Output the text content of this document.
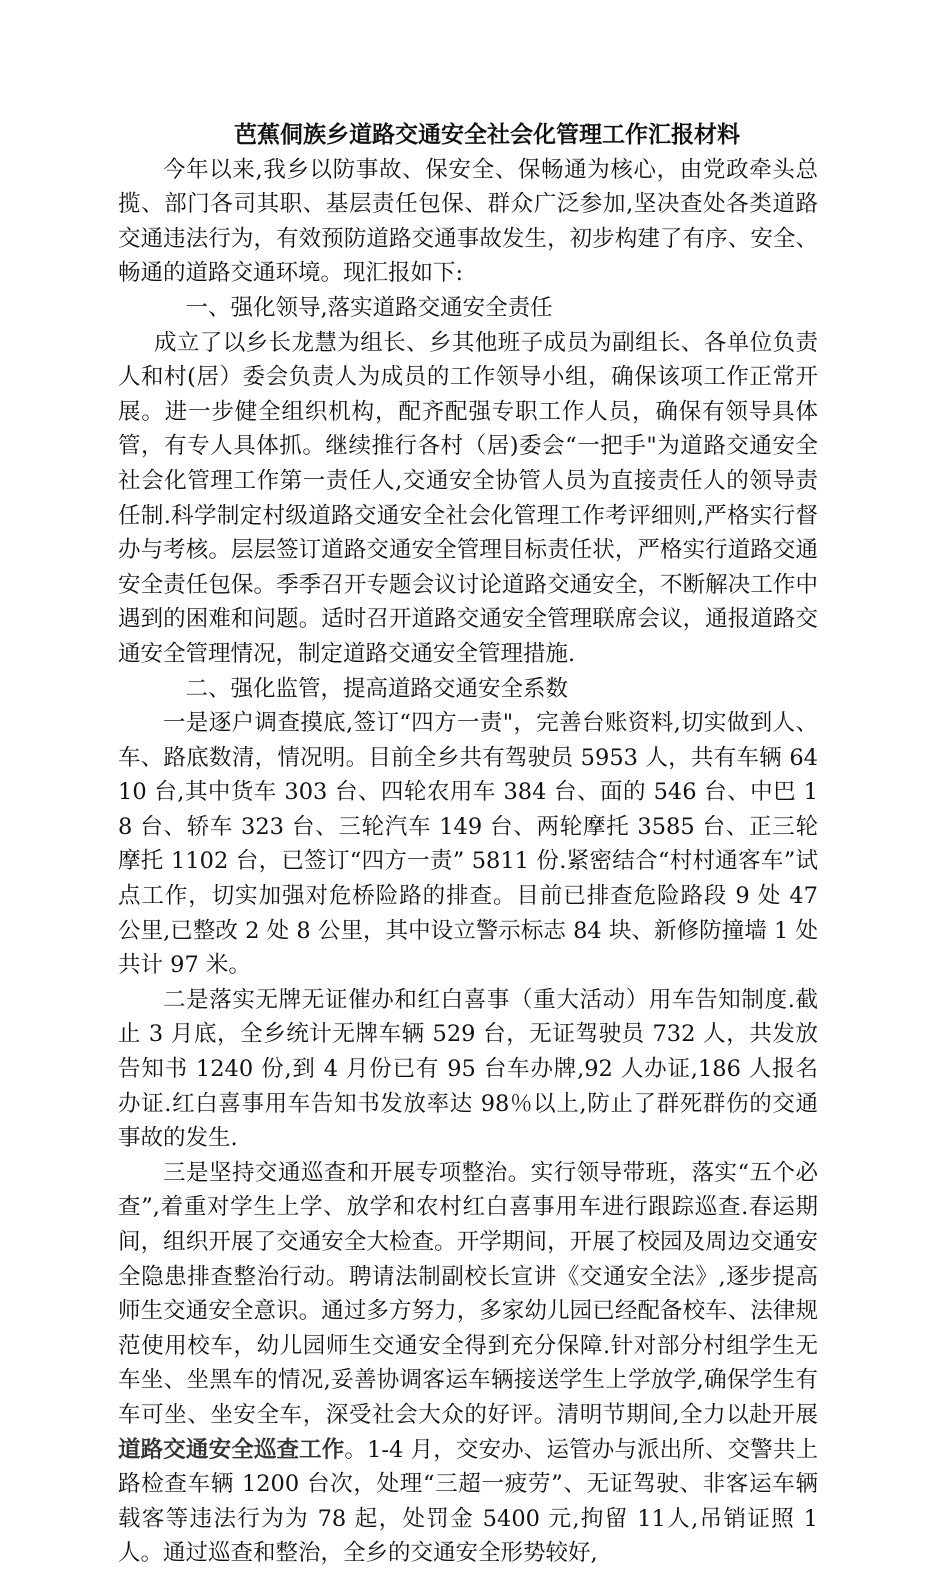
芭蕉侗族乡道路交通安全社会化管理工作汇报材料

今年以来,我乡以防事故、保安全、保畅通为核心，由党政牵头总揽、部门各司其职、基层责任包保、群众广泛参加,坚决查处各类道路交通违法行为，有效预防道路交通事故发生，初步构建了有序、安全、畅通的道路交通环境。现汇报如下:

一、强化领导,落实道路交通安全责任

成立了以乡长龙慧为组长、乡其他班子成员为副组长、各单位负责人和村(居）委会负责人为成员的工作领导小组，确保该项工作正常开展。进一步健全组织机构，配齐配强专职工作人员，确保有领导具体管，有专人具体抓。继续推行各村（居)委会“一把手"为道路交通安全社会化管理工作第一责任人,交通安全协管人员为直接责任人的领导责任制.科学制定村级道路交通安全社会化管理工作考评细则,严格实行督办与考核。层层签订道路交通安全管理目标责任状，严格实行道路交通安全责任包保。季季召开专题会议讨论道路交通安全，不断解决工作中遇到的困难和问题。适时召开道路交通安全管理联席会议，通报道路交通安全管理情况，制定道路交通安全管理措施.

二、强化监管，提高道路交通安全系数

一是逐户调查摸底,签订“四方一责"，完善台账资料,切实做到人、车、路底数清，情况明。目前全乡共有驾驶员 5953 人，共有车辆 6410 台,其中货车 303 台、四轮农用车 384 台、面的 546 台、中巴 18 台、轿车 323 台、三轮汽车 149 台、两轮摩托 3585 台、正三轮摩托 1102 台，已签订“四方一责” 5811 份.紧密结合“村村通客车”试点工作，切实加强对危桥险路的排查。目前已排查危险路段 9 处 47 公里,已整改 2 处 8 公里，其中设立警示标志 84 块、新修防撞墙 1 处共计 97 米。

二是落实无牌无证催办和红白喜事（重大活动）用车告知制度.截止 3 月底，全乡统计无牌车辆 529 台，无证驾驶员 732 人，共发放告知书 1240 份,到 4 月份已有 95 台车办牌,92 人办证,186 人报名办证.红白喜事用车告知书发放率达 98％以上,防止了群死群伤的交通事故的发生.

三是坚持交通巡查和开展专项整治。实行领导带班，落实“五个必查”,着重对学生上学、放学和农村红白喜事用车进行跟踪巡查.春运期间，组织开展了交通安全大检查。开学期间，开展了校园及周边交通安全隐患排查整治行动。聘请法制副校长宣讲《交通安全法》,逐步提高师生交通安全意识。通过多方努力，多家幼儿园已经配备校车、法律规范使用校车，幼儿园师生交通安全得到充分保障.针对部分村组学生无车坐、坐黑车的情况,妥善协调客运车辆接送学生上学放学,确保学生有车可坐、坐安全车，深受社会大众的好评。清明节期间,全力以赴开展道路交通安全巡查工作。1-4 月，交安办、运管办与派出所、交警共上路检查车辆 1200 台次，处理“三超一疲劳”、无证驾驶、非客运车辆载客等违法行为为 78 起，处罚金 5400 元,拘留 11人,吊销证照 1 人。通过巡查和整治，全乡的交通安全形势较好,
